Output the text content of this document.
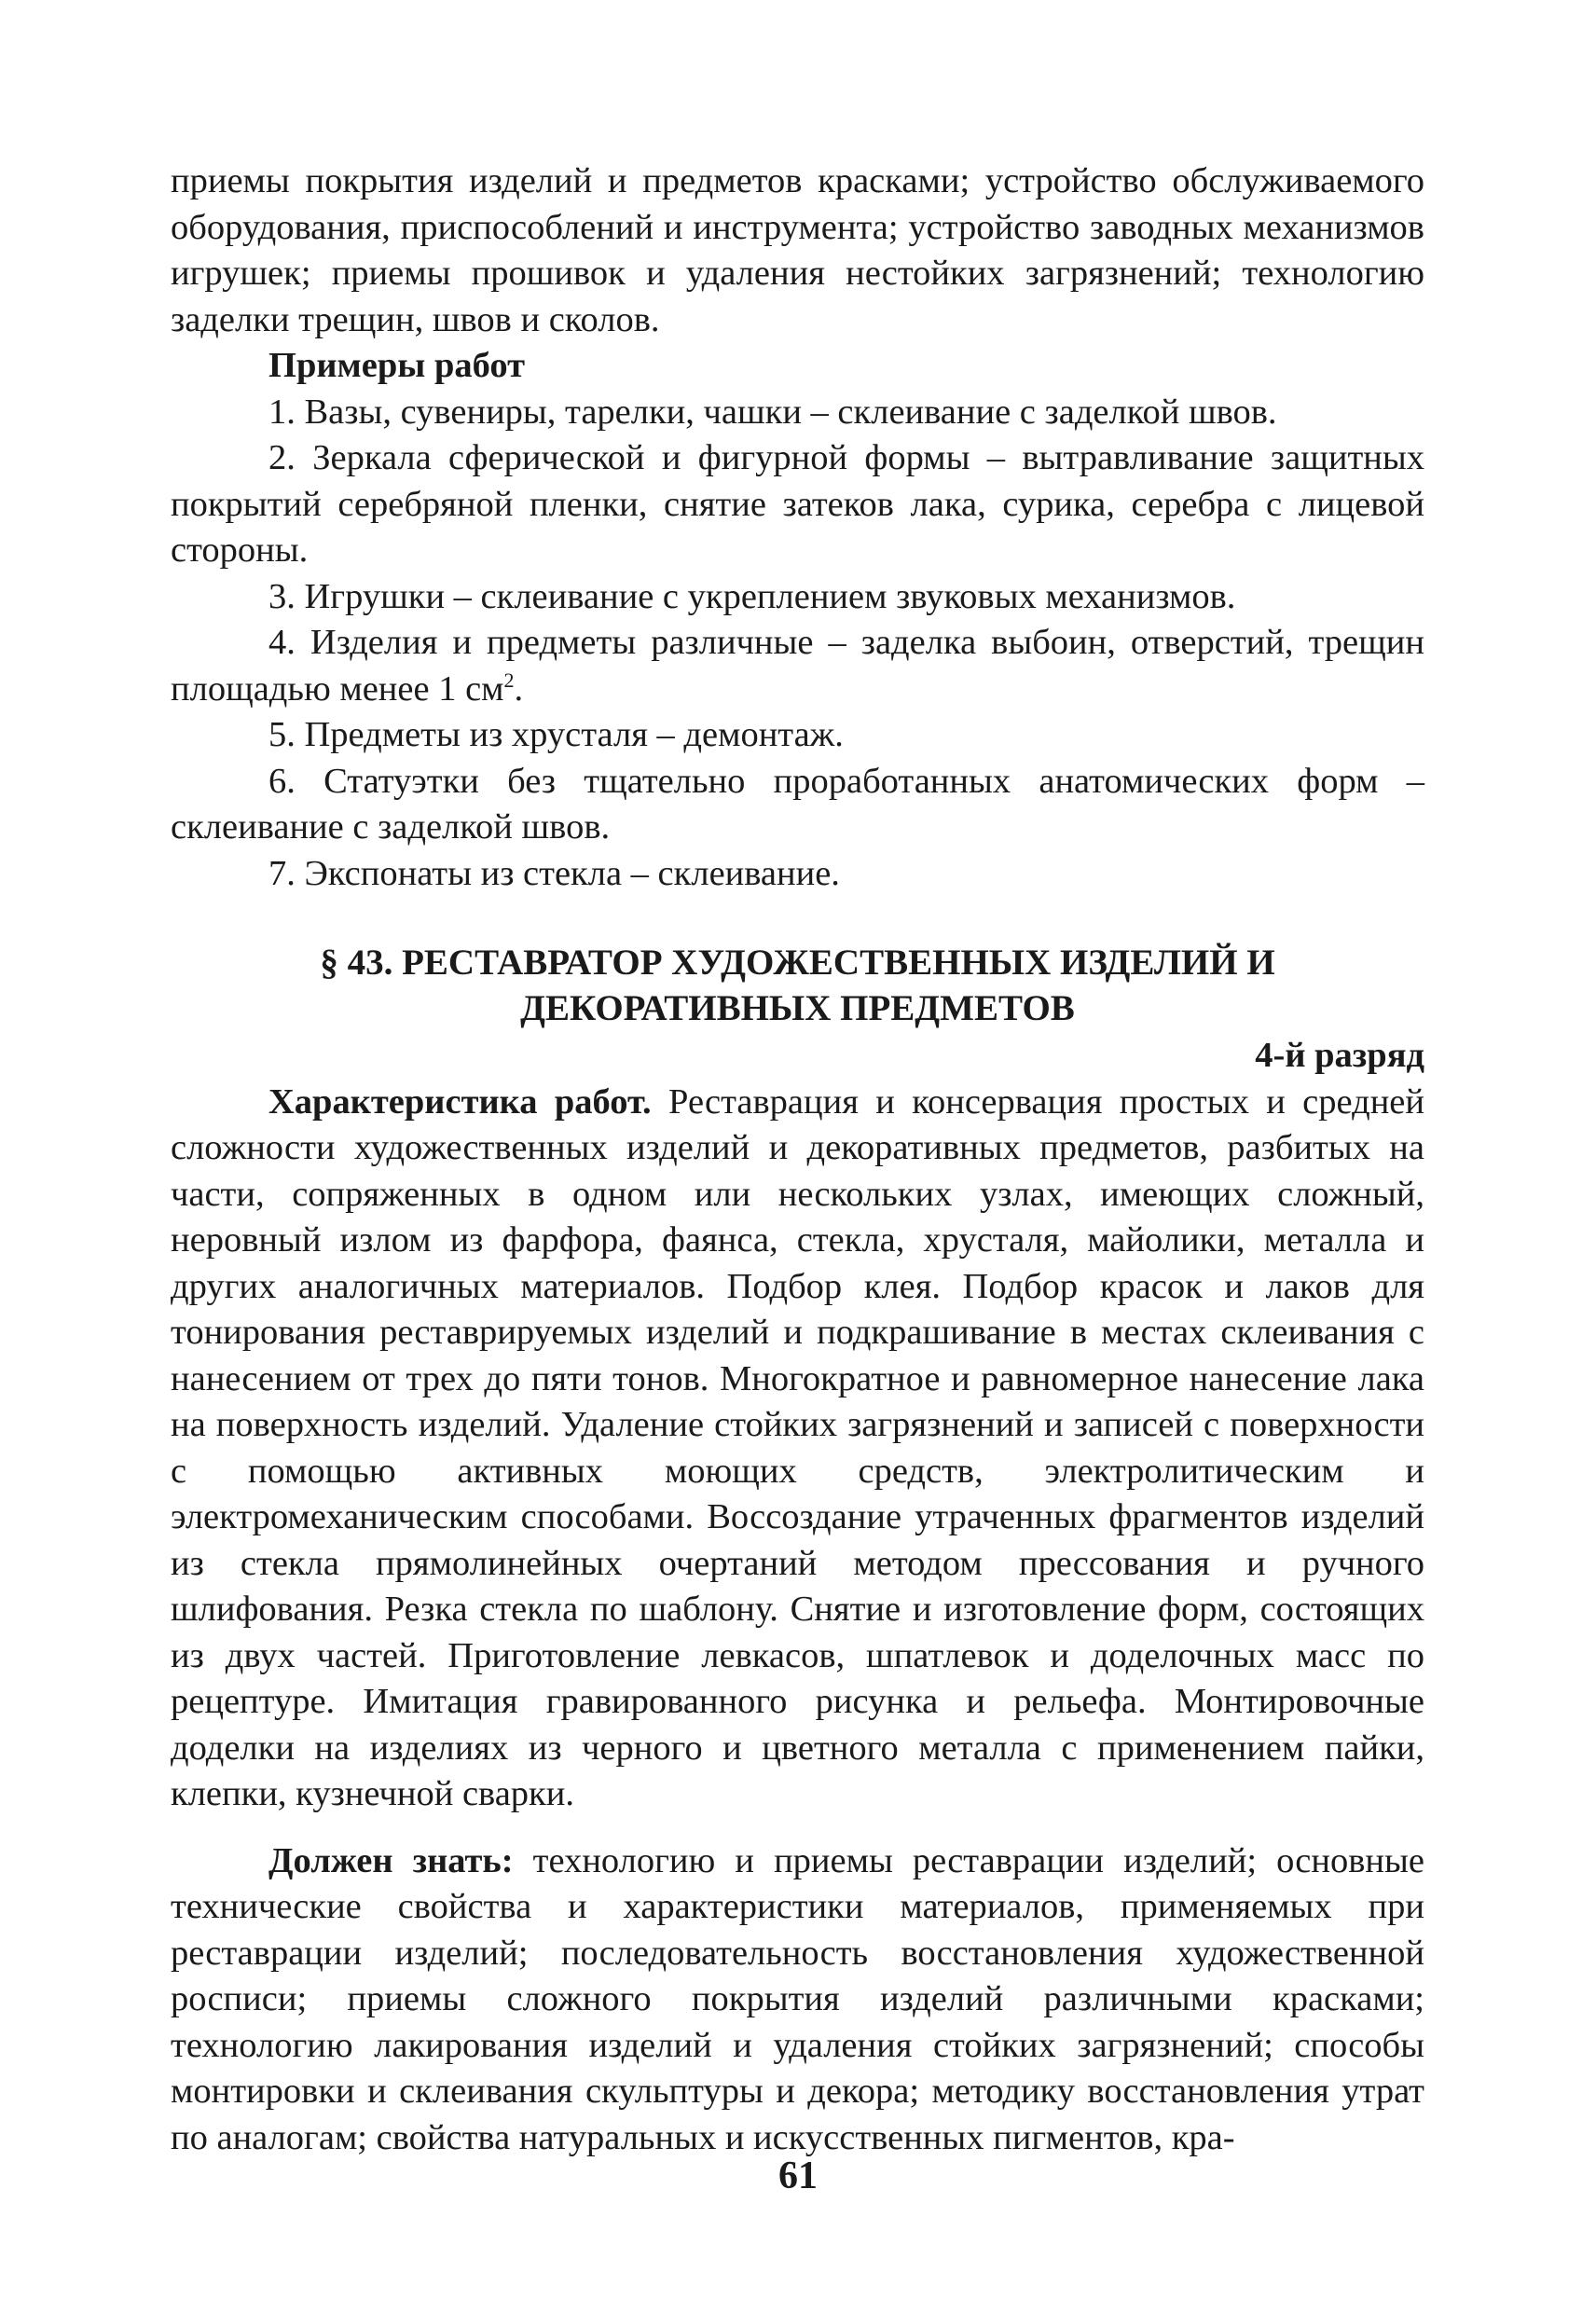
приемы покрытия изделий и предметов красками; устройство обслуживаемого оборудования, приспособлений и инструмента; устройство заводных механизмов игрушек; приемы прошивок и удаления нестойких загрязнений; технологию заделки трещин, швов и сколов.

Примеры работ

1. Вазы, сувениры, тарелки, чашки – склеивание с заделкой швов.

2. Зеркала сферической и фигурной формы – вытравливание защитных покрытий серебряной пленки, снятие затеков лака, сурика, серебра с лицевой стороны.

3. Игрушки – склеивание с укреплением звуковых механизмов.

4. Изделия и предметы различные – заделка выбоин, отверстий, трещин площадью менее 1 $см^2$.

5. Предметы из хрусталя – демонтаж.

6. Статуэтки без тщательно проработанных анатомических форм – склеивание с заделкой швов.

7. Экспонаты из стекла – склеивание.

§ 43. РЕСТАВРАТОР ХУДОЖЕСТВЕННЫХ ИЗДЕЛИЙ И
ДЕКОРАТИВНЫХ ПРЕДМЕТОВ

4-й разряд

Характеристика работ. Реставрация и консервация простых и средней сложности художественных изделий и декоративных предметов, разбитых на части, сопряженных в одном или нескольких узлах, имеющих сложный, неровный излом из фарфора, фаянса, стекла, хрусталя, майолики, металла и других аналогичных материалов. Подбор клея. Подбор красок и лаков для тонирования реставрируемых изделий и подкрашивание в местах склеивания с нанесением от трех до пяти тонов. Многократное и равномерное нанесение лака на поверхность изделий. Удаление стойких загрязнений и записей с поверхности с помощью активных моющих средств, электролитическим и электромеханическим способами. Воссоздание утраченных фрагментов изделий из стекла прямолинейных очертаний методом прессования и ручного шлифования. Резка стекла по шаблону. Снятие и изготовление форм, состоящих из двух частей. Приготовление левкасов, шпатлевок и доделочных масс по рецептуре. Имитация гравированного рисунка и рельефа. Монтировочные доделки на изделиях из черного и цветного металла с применением пайки, клепки, кузнечной сварки.

Должен знать: технологию и приемы реставрации изделий; основные технические свойства и характеристики материалов, применяемых при реставрации изделий; последовательность восстановления художественной росписи; приемы сложного покрытия изделий различными красками; технологию лакирования изделий и удаления стойких загрязнений; способы монтировки и склеивания скульптуры и декора; методику восстановления утрат по аналогам; свойства натуральных и искусственных пигментов, кра-

61
